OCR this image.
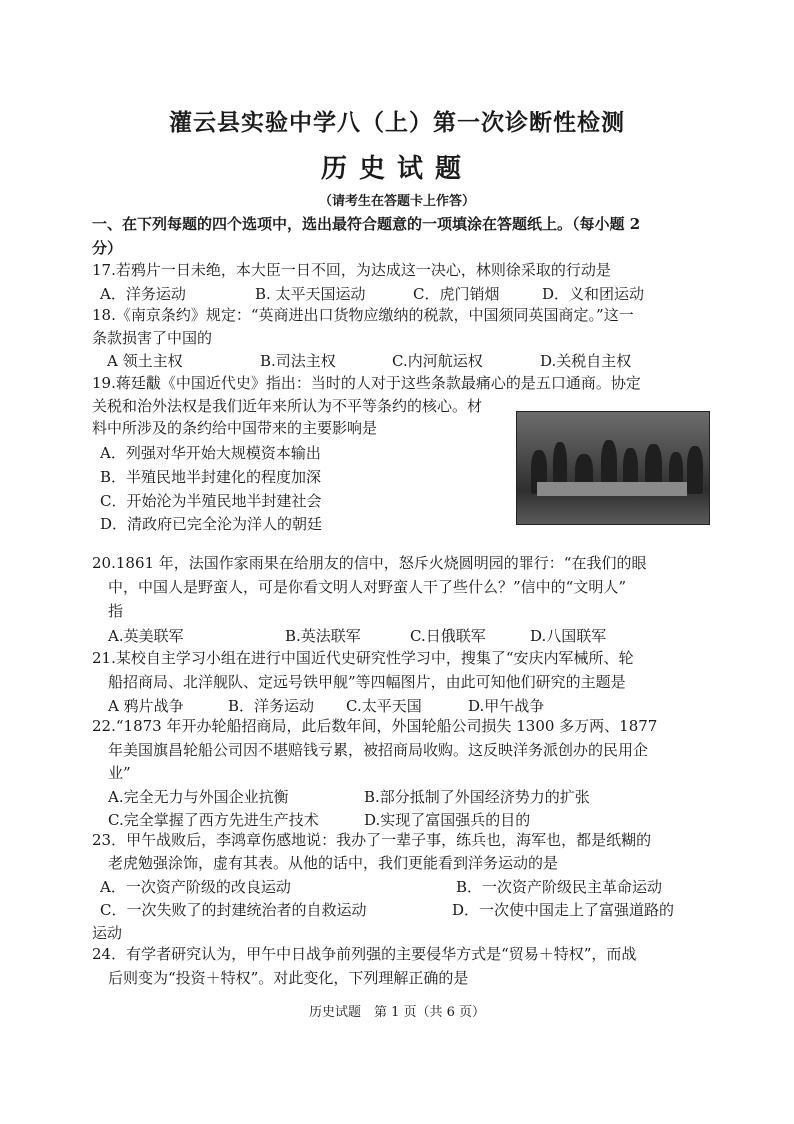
灌云县实验中学八（上）第一次诊断性检测
历史试题
（请考生在答题卡上作答）
一、在下列每题的四个选项中，选出最符合题意的一项填涂在答题纸上。（每小题 2
分）
17.若鸦片一日未绝，本大臣一日不回，为达成这一决心，林则徐采取的行动是
A．洋务运动	B. 太平天国运动	C．虎门销烟	D．义和团运动
18.《南京条约》规定：“英商进出口货物应缴纳的税款，中国须同英国商定。”这一
条款损害了中国的
A 领土主权	B.司法主权	C.内河航运权	D.关税自主权
19.蒋廷黻《中国近代史》指出：当时的人对于这些条款最痛心的是五口通商。协定
关税和治外法权是我们近年来所认为不平等条约的核心。材
料中所涉及的条约给中国带来的主要影响是
A．列强对华开始大规模资本输出
B．半殖民地半封建化的程度加深
C．开始沦为半殖民地半封建社会
D．清政府已完全沦为洋人的朝廷
20.1861 年，法国作家雨果在给朋友的信中，怒斥火烧圆明园的罪行：“在我们的眼
中，中国人是野蛮人，可是你看文明人对野蛮人干了些什么？”信中的“文明人”
指
A.英美联军	B.英法联军	C.日俄联军	D.八国联军
21.某校自主学习小组在进行中国近代史研究性学习中，搜集了“安庆内军械所、轮
船招商局、北洋舰队、定远号铁甲舰”等四幅图片，由此可知他们研究的主题是
A 鸦片战争	B．洋务运动 C.太平天国	D.甲午战争
22.“1873 年开办轮船招商局，此后数年间，外国轮船公司损失 1300 多万两、1877
年美国旗昌轮船公司因不堪赔钱亏累，被招商局收购。这反映洋务派创办的民用企
业”
A.完全无力与外国企业抗衡	B.部分抵制了外国经济势力的扩张
C.完全掌握了西方先进生产技术	D.实现了富国强兵的目的
23．甲午战败后，李鸿章伤感地说：我办了一辈子事，练兵也，海军也，都是纸糊的
老虎勉强涂饰，虚有其表。从他的话中，我们更能看到洋务运动的是
A．一次资产阶级的改良运动	B．一次资产阶级民主革命运动
C．一次失败了的封建统治者的自救运动	D．一次使中国走上了富强道路的
运动
24．有学者研究认为，甲午中日战争前列强的主要侵华方式是“贸易＋特权”，而战
后则变为“投资＋特权”。对此变化，下列理解正确的是
历史试题　第 1 页（共 6 页）
